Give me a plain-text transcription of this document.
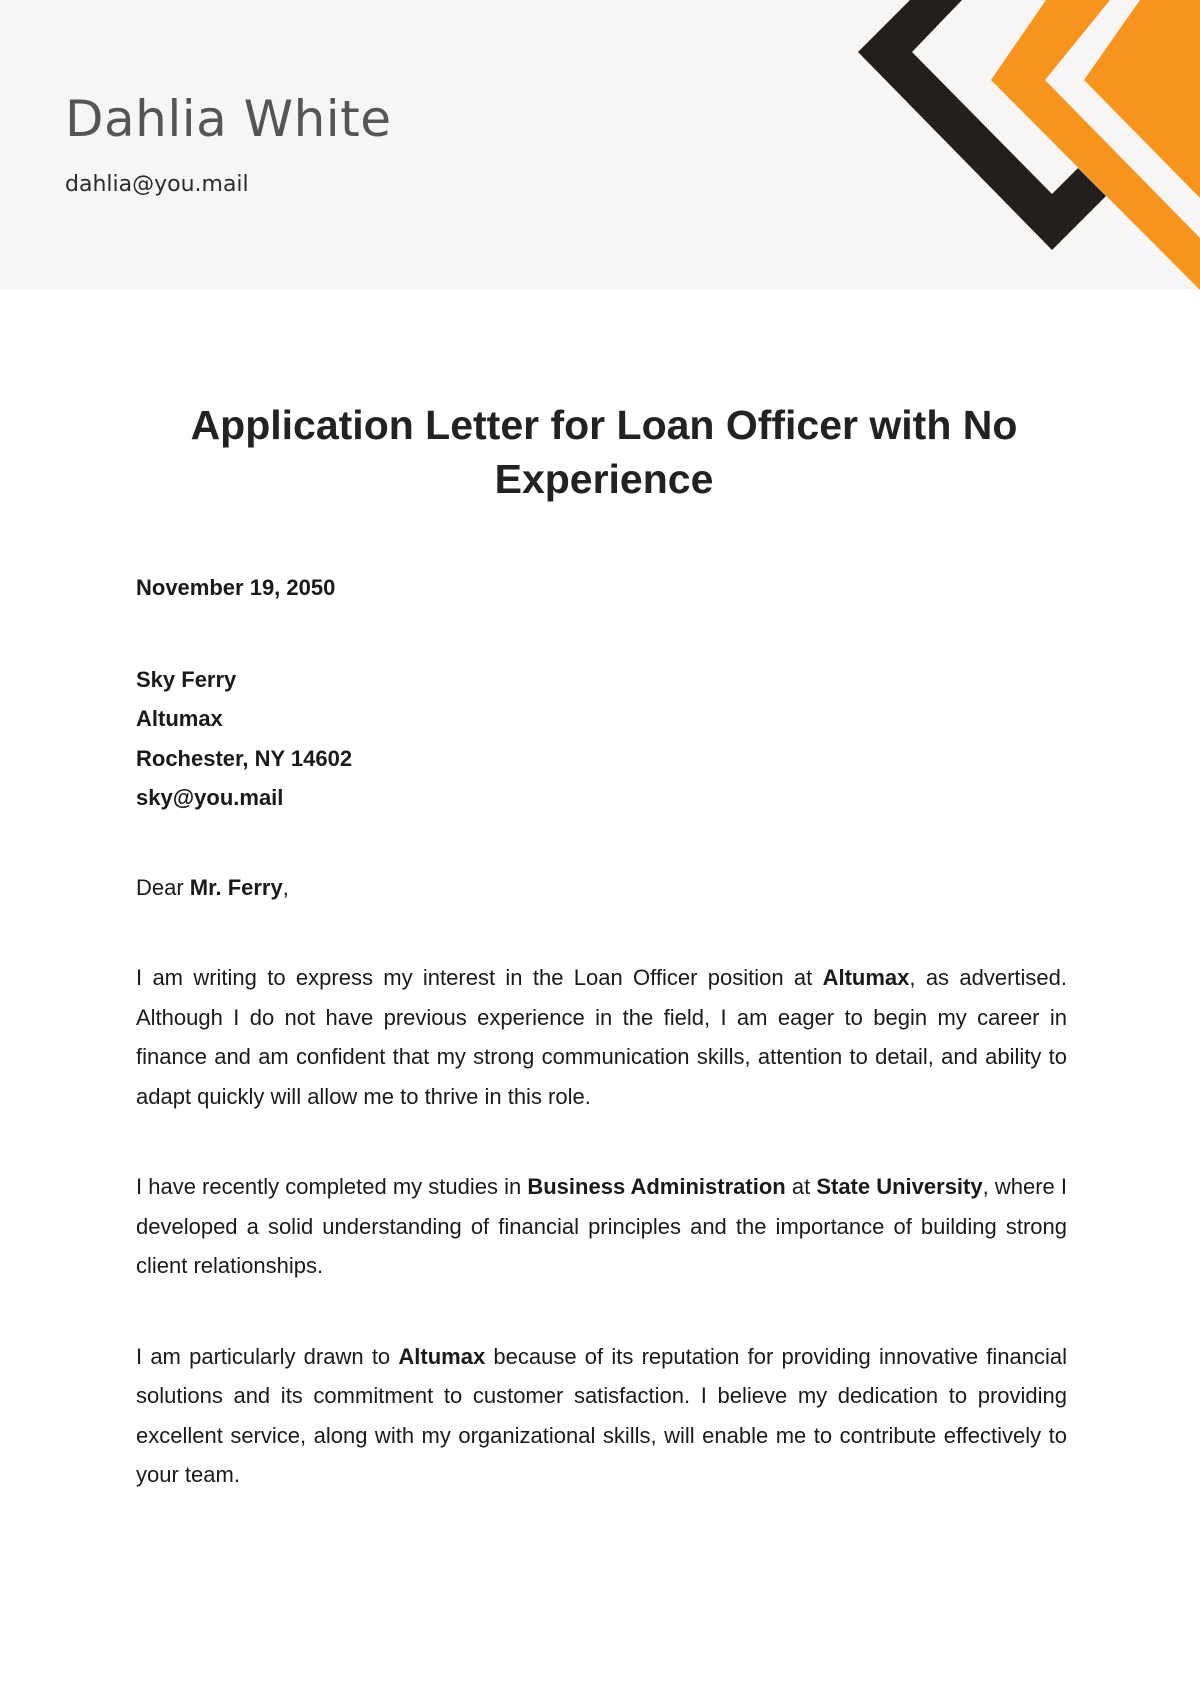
Dahlia White
dahlia@you.mail
Application Letter for Loan Officer with No Experience
November 19, 2050
Sky Ferry
Altumax
Rochester, NY 14602
sky@you.mail
Dear Mr. Ferry,
I am writing to express my interest in the Loan Officer position at Altumax, as advertised. Although I do not have previous experience in the field, I am eager to begin my career in finance and am confident that my strong communication skills, attention to detail, and ability to adapt quickly will allow me to thrive in this role.
I have recently completed my studies in Business Administration at State University, where I developed a solid understanding of financial principles and the importance of building strong client relationships.
I am particularly drawn to Altumax because of its reputation for providing innovative financial solutions and its commitment to customer satisfaction. I believe my dedication to providing excellent service, along with my organizational skills, will enable me to contribute effectively to your team.
